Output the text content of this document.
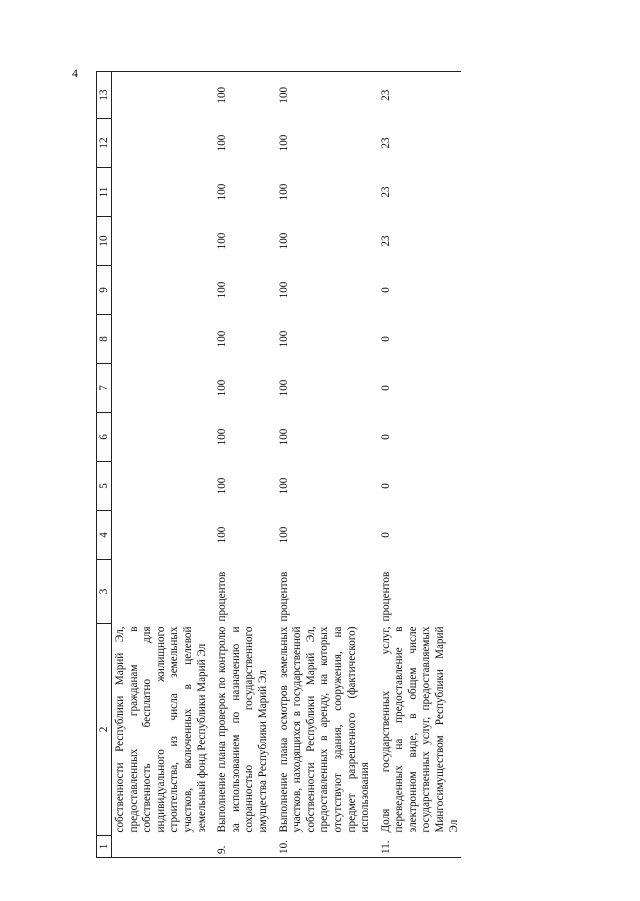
4
1	2	3	4	5	6	7	8	9	10	11	12	13
	собственности Республики Марий Эл, предоставленных гражданам в собственность бесплатно для индивидуального жилищного строительства, из числа земельных участков, включенных в целевой земельный фонд Республики Марий Эл											
9.	Выполнение плана проверок по контролю за использованием по назначению и сохранностью государственного имущества Республики Марий Эл	процентов	100	100	100	100	100	100	100	100	100	100
10.	Выполнение плана осмотров земельных участков, находящихся в государственной собственности Республики Марий Эл, предоставленных в аренду, на которых отсутствуют здания, сооружения, на предмет разрешенного (фактического) использования	процентов	100	100	100	100	100	100	100	100	100	100
11.	Доля государственных услуг, переведенных на предоставление в электронном виде, в общем числе государственных услуг, предоставляемых Мингосимуществом Республики Марий Эл	процентов	0	0	0	0	0	0	23	23	23	23
